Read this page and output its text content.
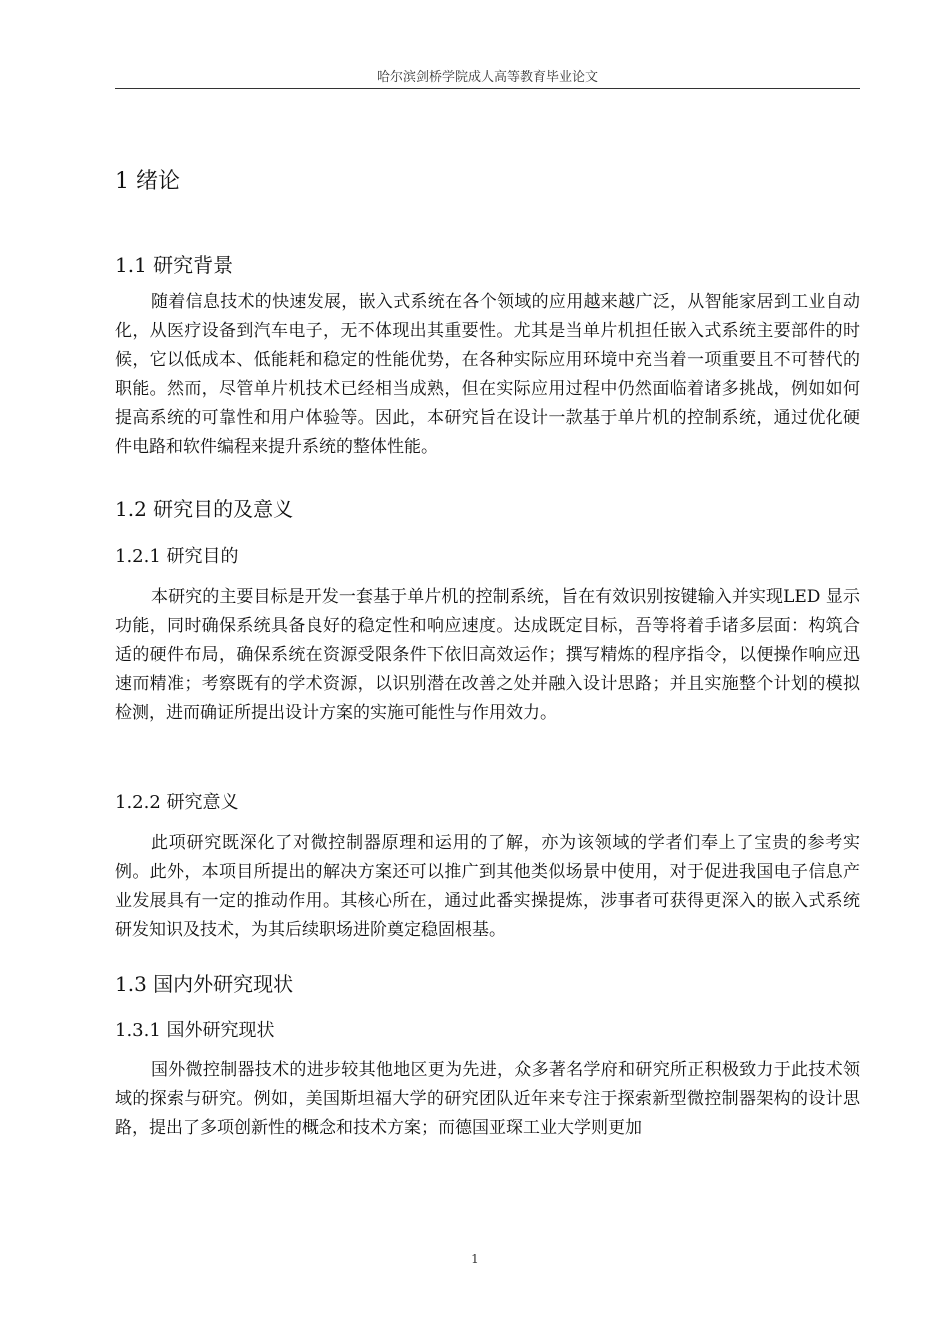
哈尔滨剑桥学院成人高等教育毕业论文
1 绪论
1.1 研究背景

随着信息技术的快速发展，嵌入式系统在各个领域的应用越来越广泛，从智能家居到工业自动化，从医疗设备到汽车电子，无不体现出其重要性。尤其是当单片机担任嵌入式系统主要部件的时候，它以低成本、低能耗和稳定的性能优势，在各种实际应用环境中充当着一项重要且不可替代的职能。然而，尽管单片机技术已经相当成熟，但在实际应用过程中仍然面临着诸多挑战，例如如何提高系统的可靠性和用户体验等。因此，本研究旨在设计一款基于单片机的控制系统，通过优化硬件电路和软件编程来提升系统的整体性能。

1.2 研究目的及意义
1.2.1 研究目的

本研究的主要目标是开发一套基于单片机的控制系统，旨在有效识别按键输入并实现LED 显示功能，同时确保系统具备良好的稳定性和响应速度。达成既定目标，吾等将着手诸多层面：构筑合适的硬件布局，确保系统在资源受限条件下依旧高效运作；撰写精炼的程序指令，以便操作响应迅速而精准；考察既有的学术资源，以识别潜在改善之处并融入设计思路；并且实施整个计划的模拟检测，进而确证所提出设计方案的实施可能性与作用效力。

1.2.2 研究意义

此项研究既深化了对微控制器原理和运用的了解，亦为该领域的学者们奉上了宝贵的参考实例。此外，本项目所提出的解决方案还可以推广到其他类似场景中使用，对于促进我国电子信息产业发展具有一定的推动作用。其核心所在，通过此番实操提炼，涉事者可获得更深入的嵌入式系统研发知识及技术，为其后续职场进阶奠定稳固根基。

1.3 国内外研究现状
1.3.1 国外研究现状

国外微控制器技术的进步较其他地区更为先进，众多著名学府和研究所正积极致力于此技术领域的探索与研究。例如，美国斯坦福大学的研究团队近年来专注于探索新型微控制器架构的设计思路，提出了多项创新性的概念和技术方案；而德国亚琛工业大学则更加

1
